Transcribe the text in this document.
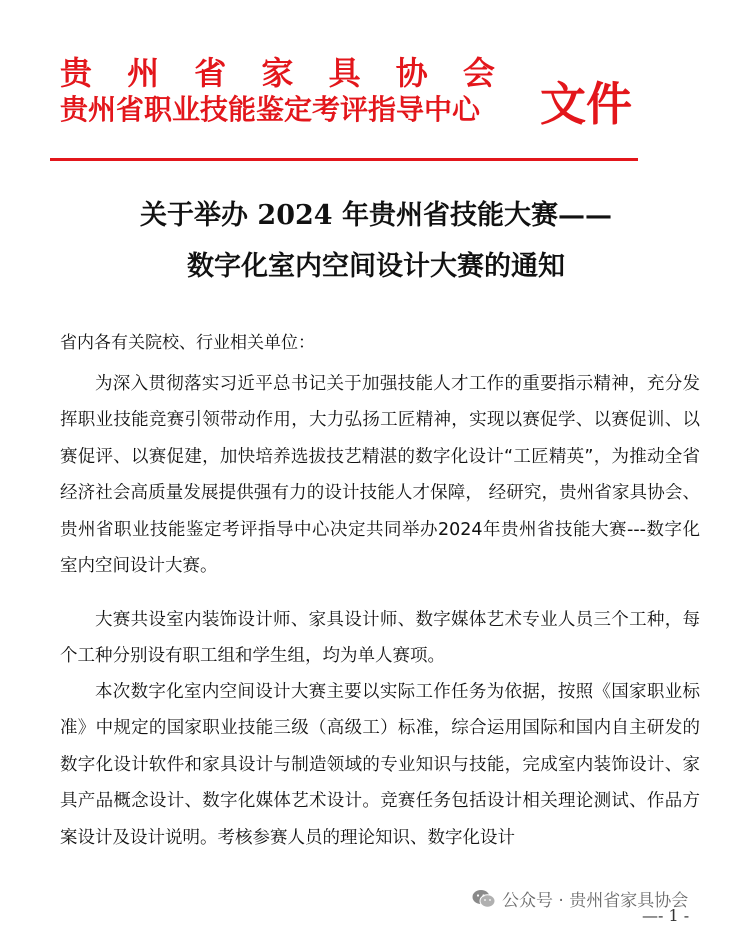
贵 州 省 家 具 协 会
贵州省职业技能鉴定考评指导中心 文件
关于举办 2024 年贵州省技能大赛——
数字化室内空间设计大赛的通知
省内各有关院校、行业相关单位：

为深入贯彻落实习近平总书记关于加强技能人才工作的重要指示精神，充分发挥职业技能竞赛引领带动作用，大力弘扬工匠精神，实现以赛促学、以赛促训、以赛促评、以赛促建，加快培养选拔技艺精湛的数字化设计“工匠精英”，为推动全省经济社会高质量发展提供强有力的设计技能人才保障， 经研究，贵州省家具协会、贵州省职业技能鉴定考评指导中心决定共同举办2024年贵州省技能大赛---数字化室内空间设计大赛。

大赛共设室内装饰设计师、家具设计师、数字媒体艺术专业人员三个工种，每个工种分别设有职工组和学生组，均为单人赛项。

本次数字化室内空间设计大赛主要以实际工作任务为依据，按照《国家职业标准》中规定的国家职业技能三级（高级工）标准，综合运用国际和国内自主研发的数字化设计软件和家具设计与制造领域的专业知识与技能，完成室内装饰设计、家具产品概念设计、数字化媒体艺术设计。竞赛任务包括设计相关理论测试、作品方案设计及设计说明。考核参赛人员的理论知识、数字化设计

公众号 · 贵州省家具协会
—- 1 -
